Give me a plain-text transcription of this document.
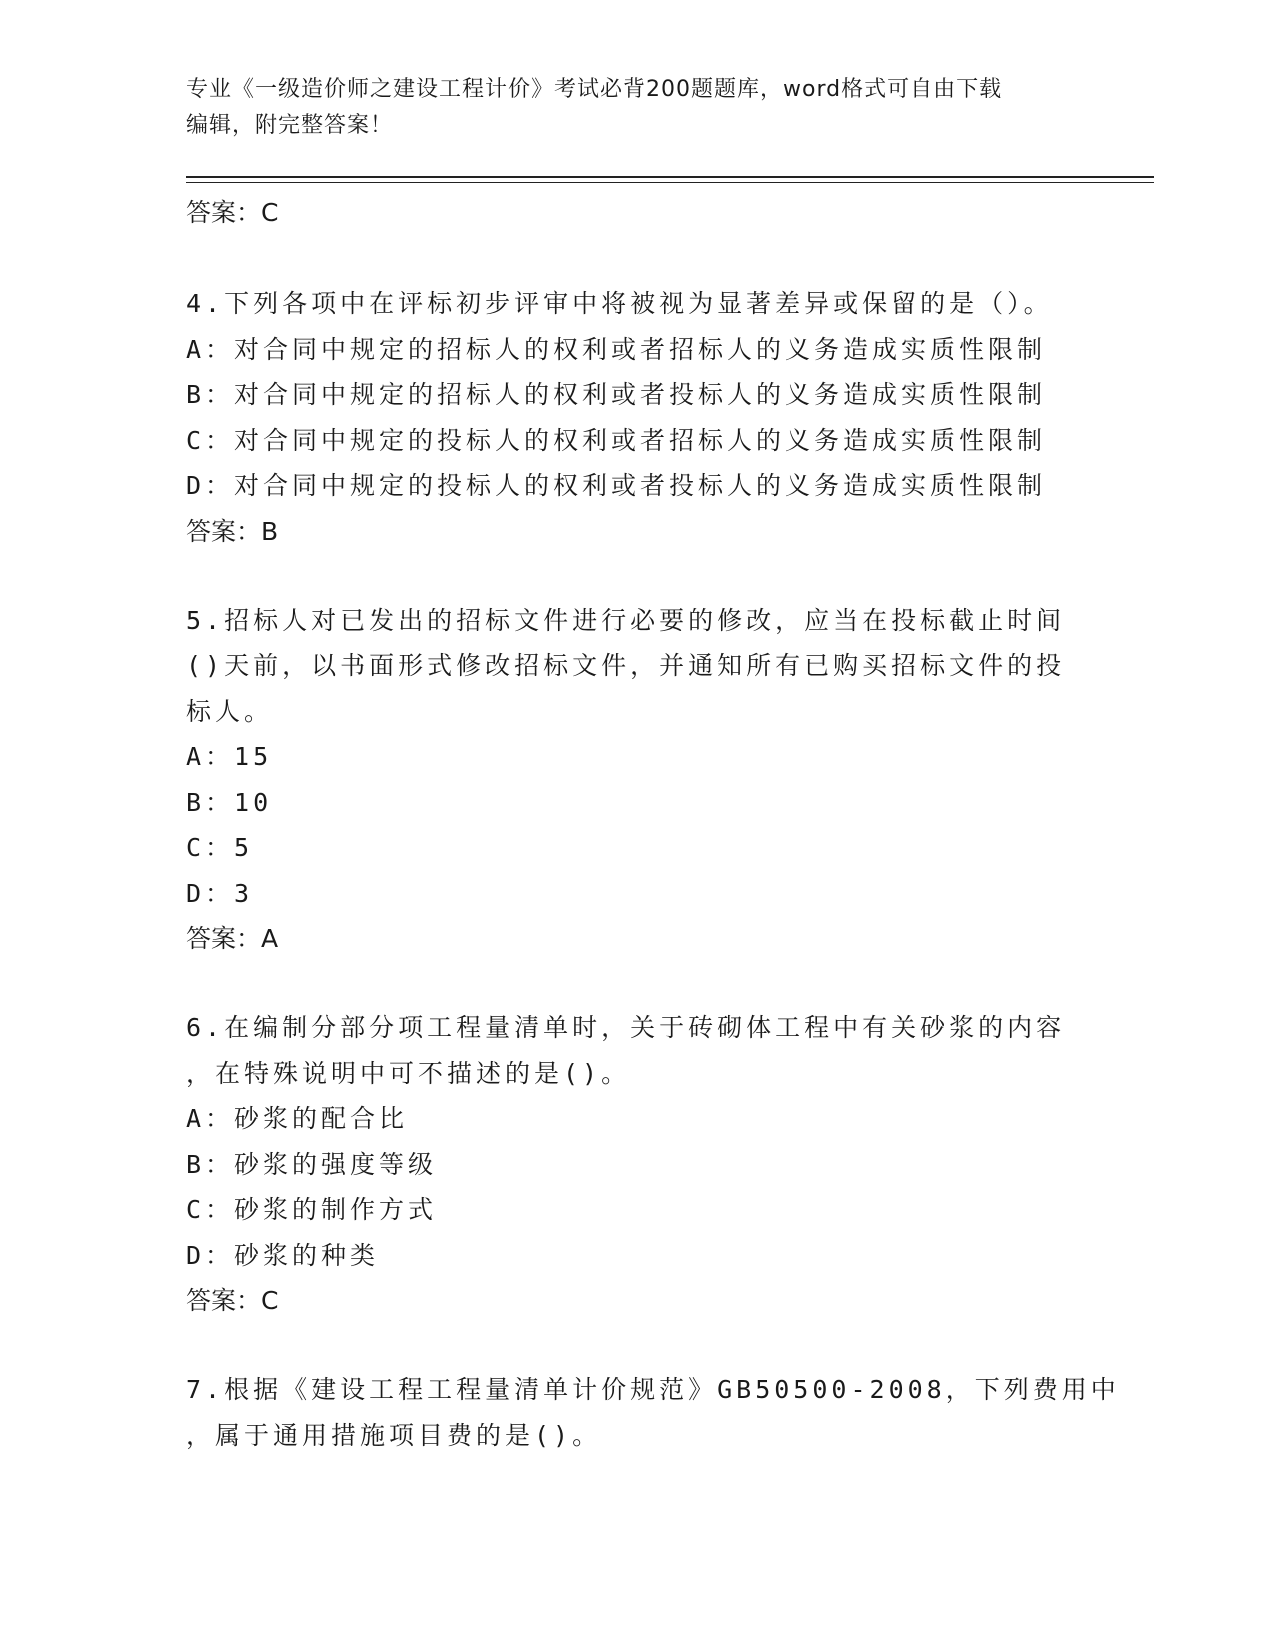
专业《一级造价师之建设工程计价》考试必背200题题库，word格式可自由下载
编辑，附完整答案！
答案：C
4.下列各项中在评标初步评审中将被视为显著差异或保留的是（）。
A：对合同中规定的招标人的权利或者招标人的义务造成实质性限制
B：对合同中规定的招标人的权利或者投标人的义务造成实质性限制
C：对合同中规定的投标人的权利或者招标人的义务造成实质性限制
D：对合同中规定的投标人的权利或者投标人的义务造成实质性限制
答案：B
5.招标人对已发出的招标文件进行必要的修改，应当在投标截止时间
()天前，以书面形式修改招标文件，并通知所有已购买招标文件的投
标人。
A：15
B：10
C：5
D：3
答案：A
6.在编制分部分项工程量清单时，关于砖砌体工程中有关砂浆的内容
，在特殊说明中可不描述的是()。
A：砂浆的配合比
B：砂浆的强度等级
C：砂浆的制作方式
D：砂浆的种类
答案：C
7.根据《建设工程工程量清单计价规范》GB50500-2008，下列费用中
，属于通用措施项目费的是()。
